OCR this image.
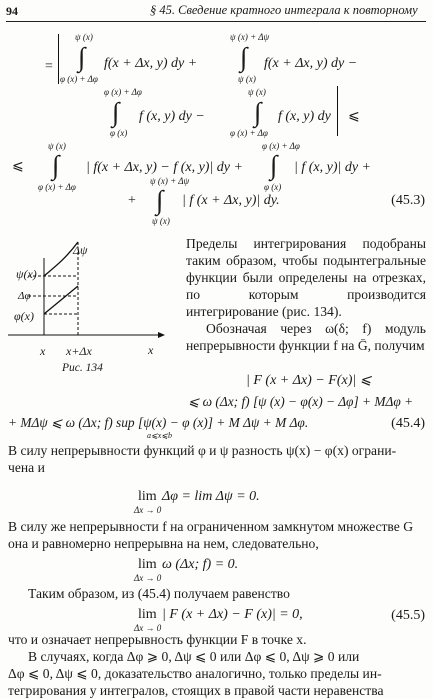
94	§ 45. Сведение кратного интеграла к повторному
=
ψ (x)
∫
φ (x) + Δφ
f(x + Δx, y) dy +
ψ (x) + Δψ
∫
ψ (x)
f(x + Δx, y) dy −
φ (x) + Δφ
∫
φ (x)
f (x, y) dy −
ψ (x)
∫
φ (x) + Δφ
f (x, y) dy ⩽
⩽
ψ (x)
∫
φ (x) + Δφ
| f(x + Δx, y) − f (x, y)| dy +
φ (x) + Δφ
∫
φ (x)
| f (x, y)| dy +
+
ψ (x) + Δψ
∫
ψ (x)
| f (x + Δx, y)| dy.	(45.3)
Δψ
ψ(x)
Δφ
φ(x)
x x+Δx	x
Рис. 134
Пределы интегрирования подобраны таким образом, чтобы подынтегральные функции были определены на отрезках, по которым производится интегрирование (рис. 134).
Обозначая через ω(δ; f) модуль непрерывности функции f на Ḡ, получим
| F (x + Δx) − F(x)| ⩽
⩽ ω (Δx; f) [ψ (x) − φ(x) − Δφ] + MΔφ +
+ MΔψ ⩽ ω (Δx; f) sup [ψ(x) − φ (x)] + M Δψ + M Δφ.
a⩽x⩽b
(45.4)
В силу непрерывности функций φ и ψ разность ψ(x) − φ(x) ограни-
чена и
lim
Δx → 0
Δφ = lim Δψ = 0.
В силу же непрерывности f на ограниченном замкнутом множестве G
она и равномерно непрерывна на нем, следовательно,
lim
Δx → 0
ω (Δx; f) = 0.
Таким образом, из (45.4) получаем равенство
lim
Δx → 0
| F (x + Δx) − F (x)| = 0,	(45.5)
что и означает непрерывность функции F в точке x.
В случаях, когда Δφ ⩾ 0, Δψ ⩽ 0 или Δφ ⩽ 0, Δψ ⩾ 0 или
Δφ ⩽ 0, Δψ ⩽ 0, доказательство аналогично, только пределы ин-
тегрирования у интегралов, стоящих в правой части неравенства
